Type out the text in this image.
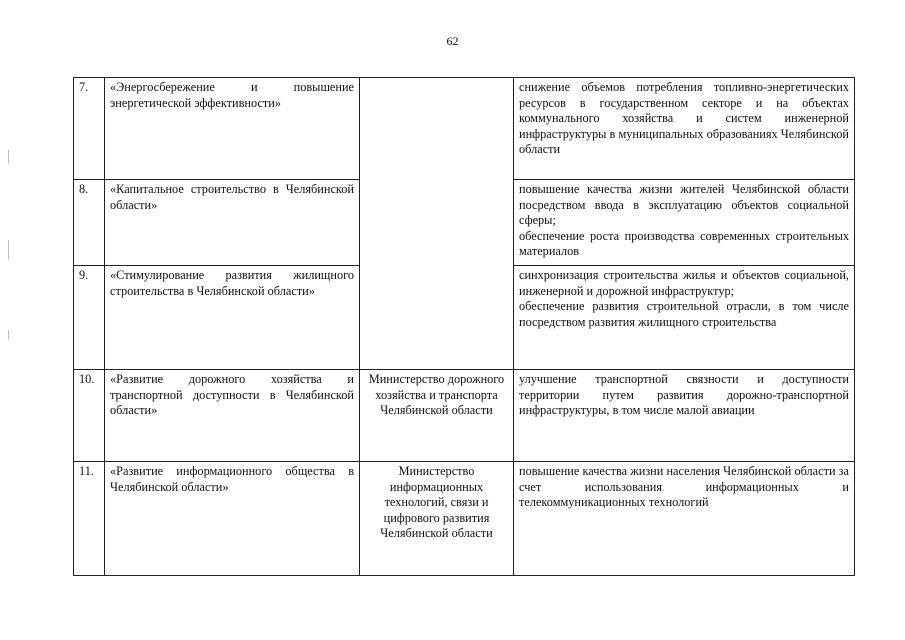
62
7.	«Энергосбережение и повышение энергетической эффективности»		снижение объемов потребления топливно-энергетических ресурсов в государственном секторе и на объектах коммунального хозяйства и систем инженерной инфраструктуры в муниципальных образованиях Челябинской области

8.	«Капитальное строительство в Челябинской области»		повышение качества жизни жителей Челябинской области посредством ввода в эксплуатацию объектов социальной сферы;
обеспечение роста производства современных строительных материалов

9.	«Стимулирование развития жилищного строительства в Челябинской области»		синхронизация строительства жилья и объектов социальной, инженерной и дорожной инфраструктур;
обеспечение развития строительной отрасли, в том числе посредством развития жилищного строительства

10.	«Развитие дорожного хозяйства и транспортной доступности в Челябинской области»	Министерство дорожного хозяйства и транспорта Челябинской области	улучшение транспортной связности и доступности территории путем развития дорожно-транспортной инфраструктуры, в том числе малой авиации

11.	«Развитие информационного общества в Челябинской области»	Министерство информационных технологий, связи и цифрового развития Челябинской области	повышение качества жизни населения Челябинской области за счет использования информационных и телекоммуникационных технологий
